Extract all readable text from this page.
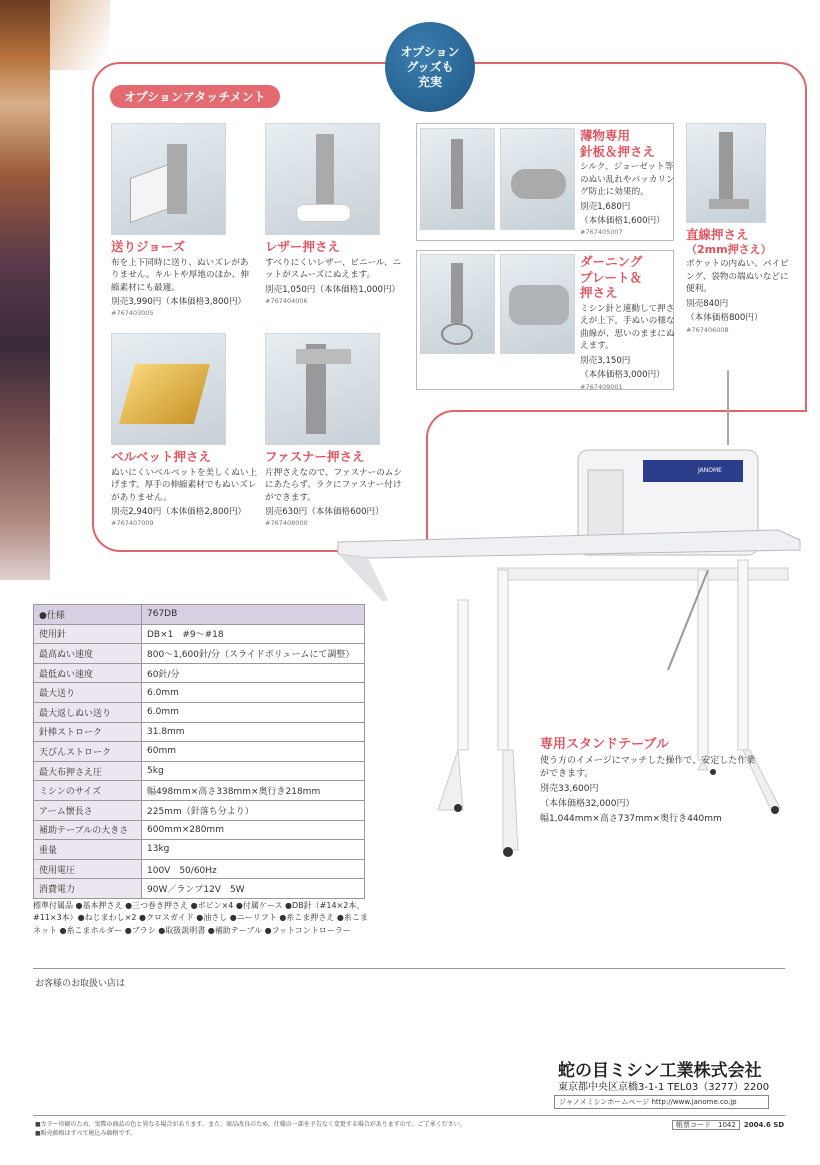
オプション
グッズも
充実
オプションアタッチメント
送りジョーズ
布を上下同時に送り、ぬいズレがありません。キルトや厚地のほか、伸縮素材にも最適。
別売3,990円（本体価格3,800円）
#767403005
レザー押さえ
すべりにくいレザー、ビニール、ニットがスムーズにぬえます。
別売1,050円（本体価格1,000円）
#767404006
ベルベット押さえ
ぬいにくいベルベットを美しくぬい上げます。厚手の伸縮素材でもぬいズレがありません。
別売2,940円（本体価格2,800円）
#767407009
ファスナー押さえ
片押さえなので、ファスナーのムシにあたらず、ラクにファスナー付けができます。
別売630円（本体価格600円）
#767408000
薄物専用
針板＆押さえ
シルク、ジョーゼット等のぬい乱れやパッカリング防止に効果的。
別売1,680円
（本体価格1,600円）
#767405007
ダーニング
プレート＆
押さえ
ミシン針と連動して押さえが上下。手ぬいの様な曲線が、思いのままにぬえます。
別売3,150円
（本体価格3,000円）
#767409001
直線押さえ
（2mm押さえ）
ポケットの内ぬい、パイピング、袋物の端ぬいなどに便利。
別売840円
（本体価格800円）
#767406008
JANOME
専用スタンドテーブル
使う方のイメージにマッチした操作で、安定した作業ができます。
別売33,600円
（本体価格32,000円）
幅1,044mm×高さ737mm×奥行き440mm
●仕様	767DB
使用針	DB×1　#9～#18
最高ぬい速度	800～1,600針/分（スライドボリュームにて調整）
最低ぬい速度	60針/分
最大送り	6.0mm
最大返しぬい送り	6.0mm
針棒ストローク	31.8mm
天びんストローク	60mm
最大布押さえ圧	5kg
ミシンのサイズ	幅498mm×高さ338mm×奥行き218mm
アーム懐長さ	225mm（針落ち分より）
補助テーブルの大きさ	600mm×280mm
重量	13kg
使用電圧	100V　50/60Hz
消費電力	90W／ランプ12V　5W
標準付属品 ●基本押さえ ●三つ巻き押さえ ●ボビン×4 ●付属ケース ●DB針（#14×2本、#11×3本）●ねじまわし×2 ●クロスガイド ●油さし ●ニーリフト ●糸こま押さえ ●糸こまネット ●糸こまホルダー ●ブラシ ●取扱説明書 ●補助テーブル ●フットコントローラー
お客様のお取扱い店は
蛇の目ミシン工業株式会社
東京都中央区京橋3-1-1 TEL03（3277）2200
ジャノメミシンホームページ http://www.janome.co.jp
■カラー印刷のため、実際の商品の色と異なる場合があります。また、商品改良のため、仕様の一部を予告なく変更する場合がありますので、ご了承ください。
■販売価格はすべて税込み価格です。
帳票コード　1042 2004.6 SD
